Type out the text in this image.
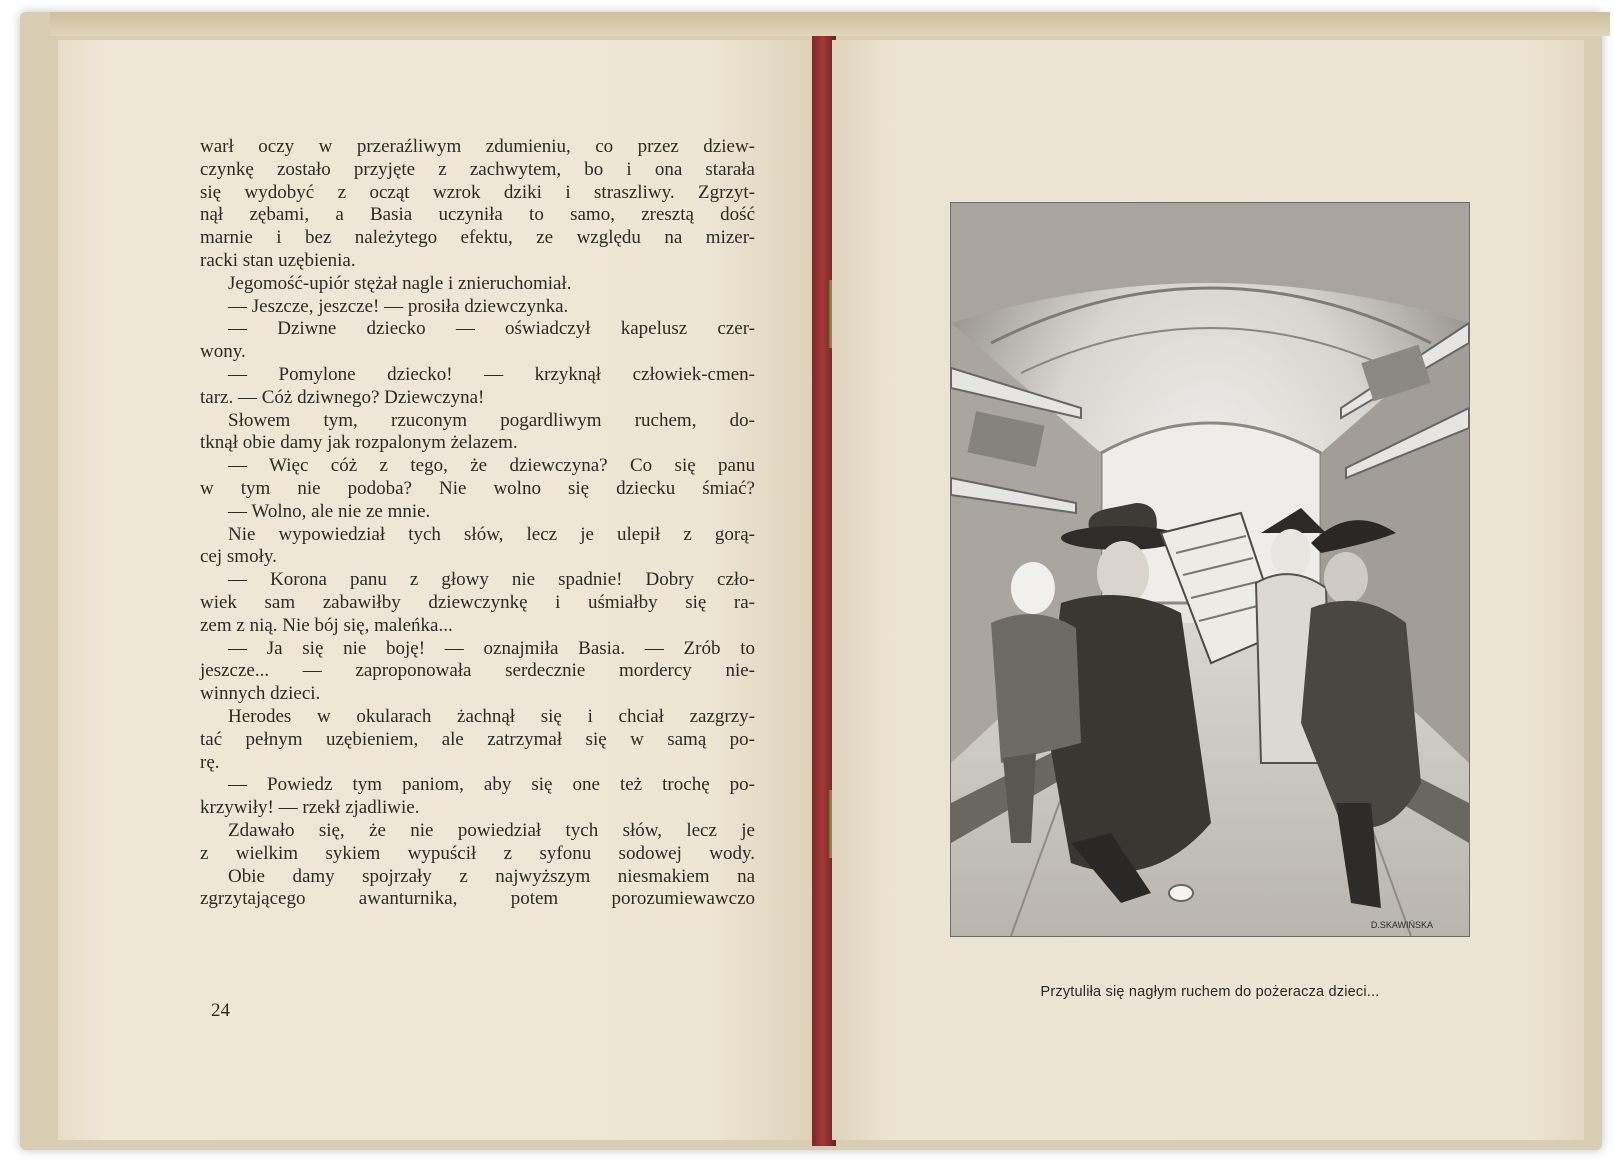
warł oczy w przeraźliwym zdumieniu, co przez dziew-
czynkę zostało przyjęte z zachwytem, bo i ona starała
się wydobyć z ocząt wzrok dziki i straszliwy. Zgrzyt-
nął zębami, a Basia uczyniła to samo, zresztą dość
marnie i bez należytego efektu, ze względu na mizer-
racki stan uzębienia.
Jegomość-upiór stężał nagle i znieruchomiał.
— Jeszcze, jeszcze! — prosiła dziewczynka.
— Dziwne dziecko — oświadczył kapelusz czer-
wony.
— Pomylone dziecko! — krzyknął człowiek-cmen-
tarz. — Cóż dziwnego? Dziewczyna!
Słowem tym, rzuconym pogardliwym ruchem, do-
tknął obie damy jak rozpalonym żelazem.
— Więc cóż z tego, że dziewczyna? Co się panu
w tym nie podoba? Nie wolno się dziecku śmiać?
— Wolno, ale nie ze mnie.
Nie wypowiedział tych słów, lecz je ulepił z gorą-
cej smoły.
— Korona panu z głowy nie spadnie! Dobry czło-
wiek sam zabawiłby dziewczynkę i uśmiałby się ra-
zem z nią. Nie bój się, maleńka...
— Ja się nie boję! — oznajmiła Basia. — Zrób to
jeszcze... — zaproponowała serdecznie mordercy nie-
winnych dzieci.
Herodes w okularach żachnął się i chciał zazgrzy-
tać pełnym uzębieniem, ale zatrzymał się w samą po-
rę.
— Powiedz tym paniom, aby się one też trochę po-
krzywiły! — rzekł zjadliwie.
Zdawało się, że nie powiedział tych słów, lecz je
z wielkim sykiem wypuścił z syfonu sodowej wody.
Obie damy spojrzały z najwyższym niesmakiem na
zgrzytającego awanturnika, potem porozumiewawczo
24
D.SKAWIŃSKA
Przytuliła się nagłym ruchem do pożeracza dzieci...
